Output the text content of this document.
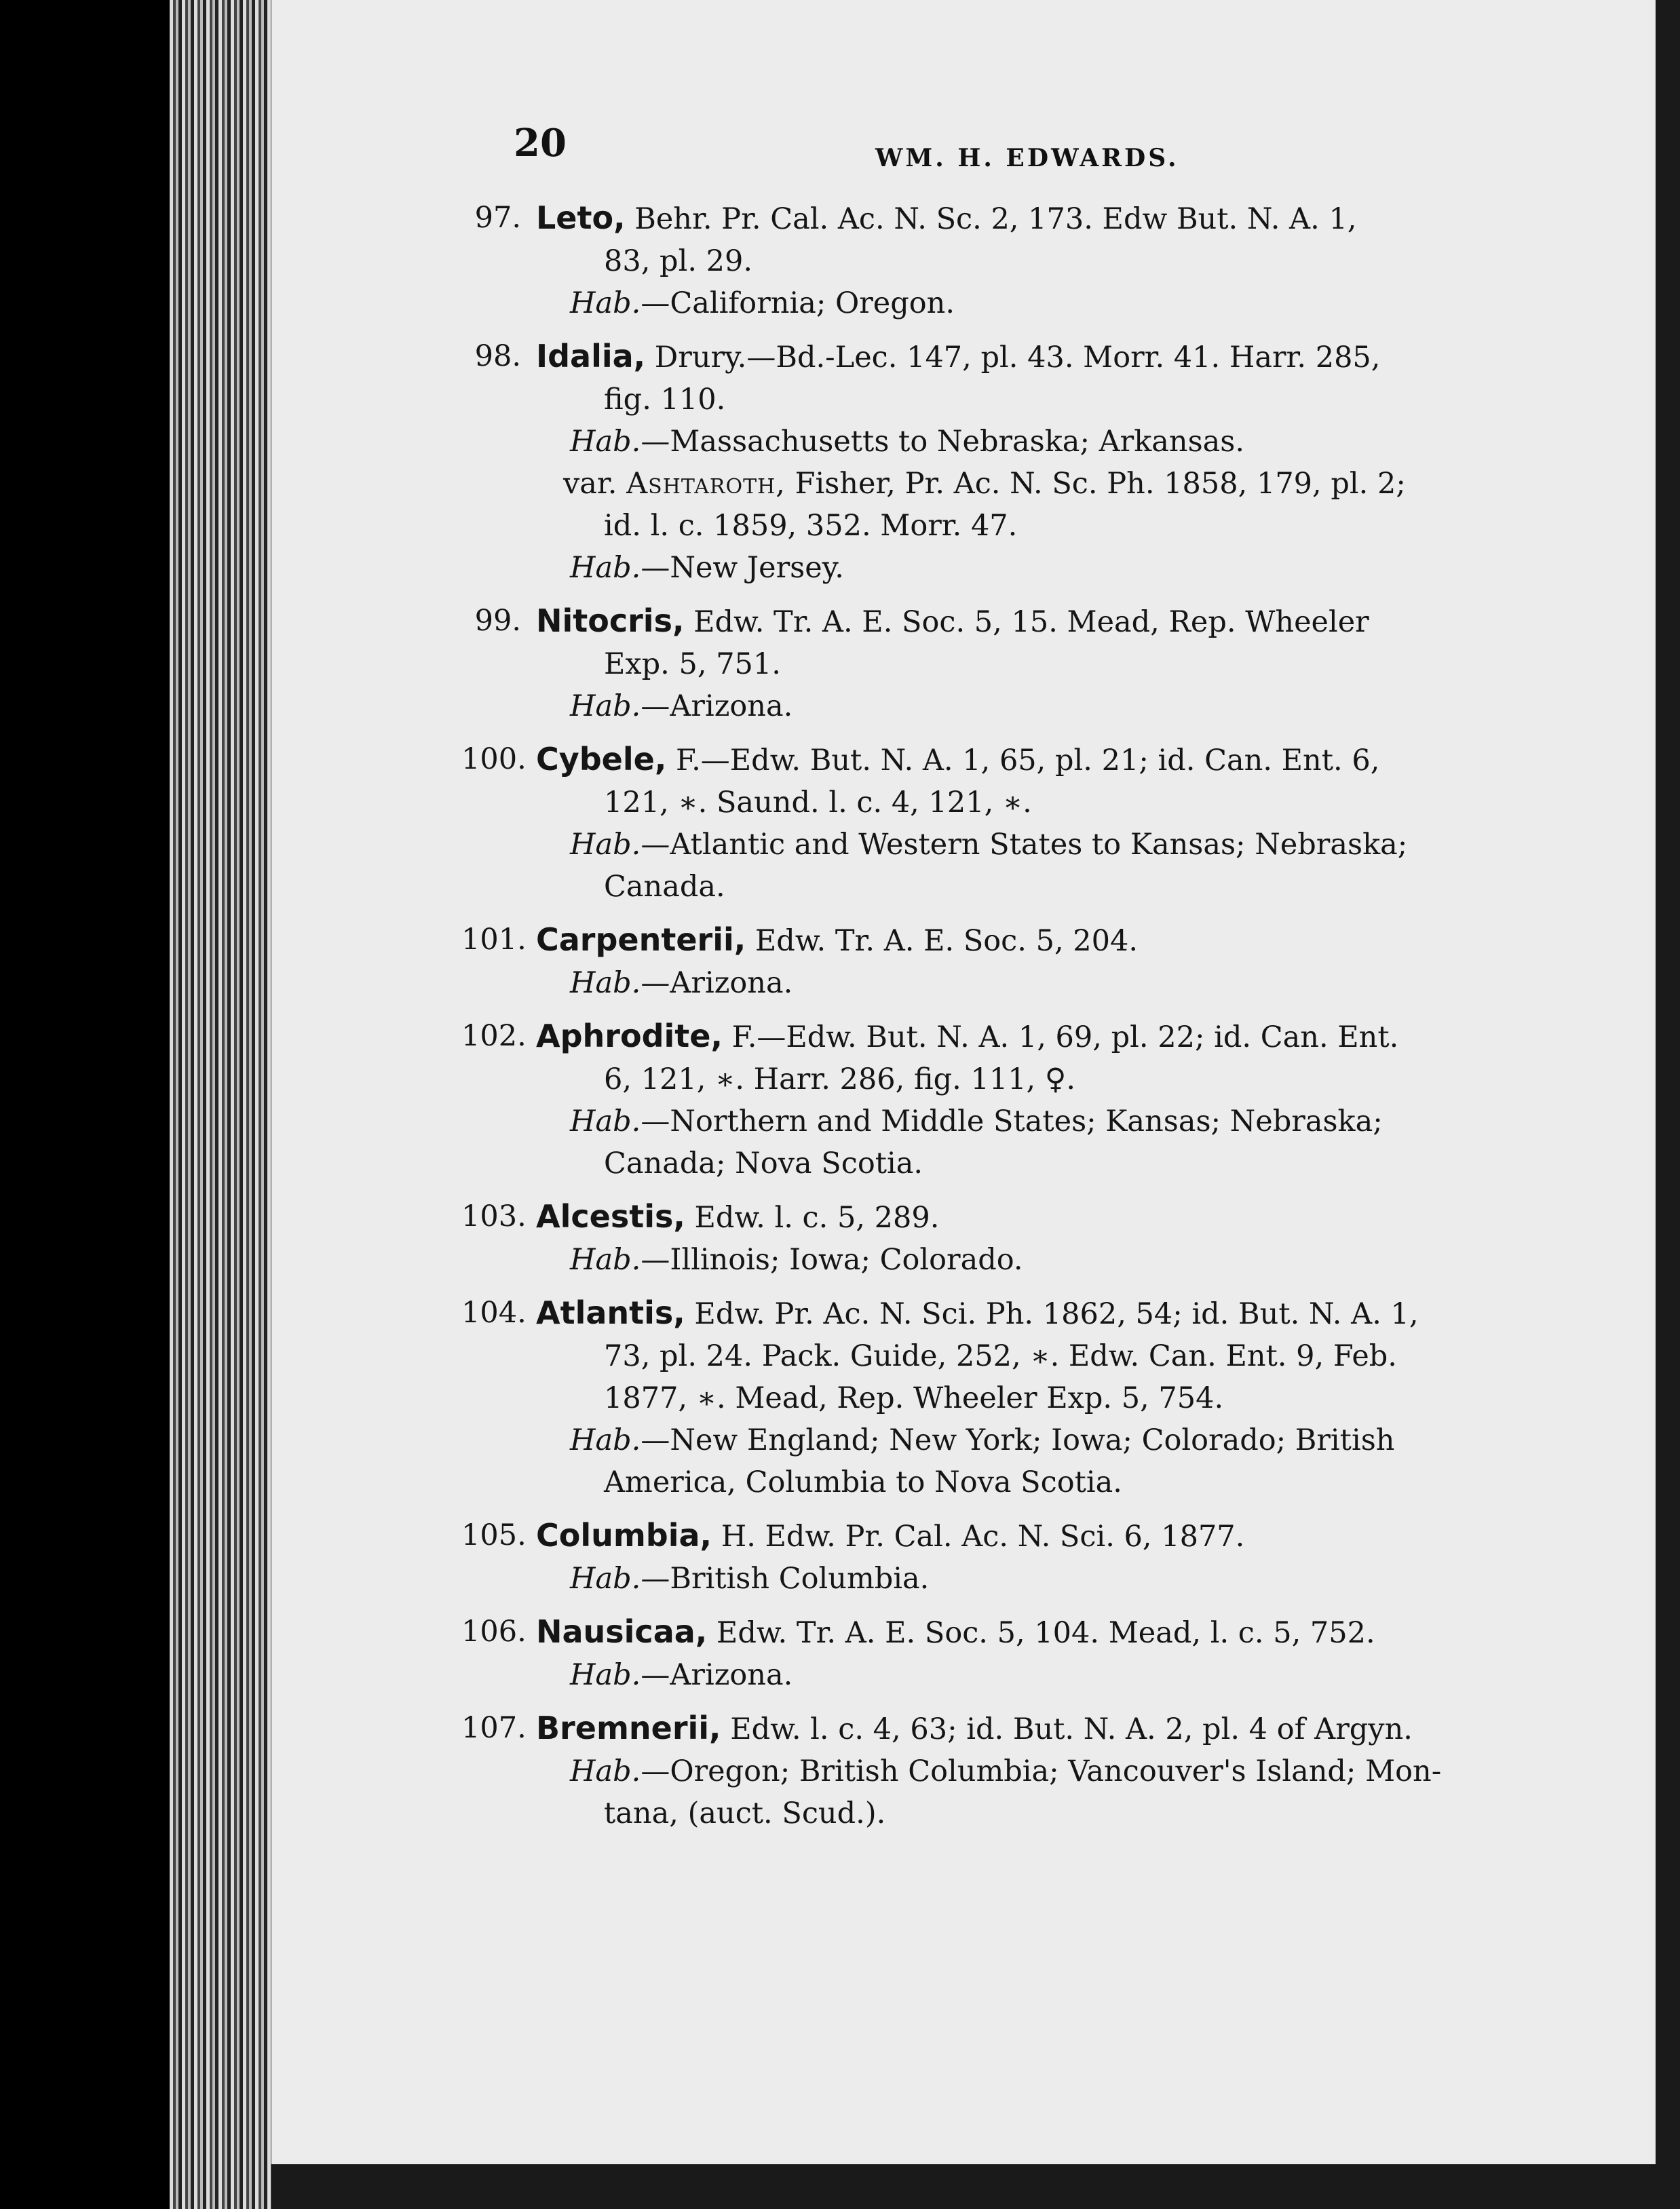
20	WM. H. EDWARDS.
97. Leto, Behr. Pr. Cal. Ac. N. Sc. 2, 173. Edw But. N. A. 1,
83, pl. 29.
Hab.—California; Oregon.
98. Idalia, Drury.—Bd.-Lec. 147, pl. 43. Morr. 41. Harr. 285,
fig. 110.
Hab.—Massachusetts to Nebraska; Arkansas.
var. Ashtaroth, Fisher, Pr. Ac. N. Sc. Ph. 1858, 179, pl. 2;
id. l. c. 1859, 352. Morr. 47.
Hab.—New Jersey.
99. Nitocris, Edw. Tr. A. E. Soc. 5, 15. Mead, Rep. Wheeler
Exp. 5, 751.
Hab.—Arizona.
100. Cybele, F.—Edw. But. N. A. 1, 65, pl. 21; id. Can. Ent. 6,
121, ∗. Saund. l. c. 4, 121, ∗.
Hab.—Atlantic and Western States to Kansas; Nebraska;
Canada.
101. Carpenterii, Edw. Tr. A. E. Soc. 5, 204.
Hab.—Arizona.
102. Aphrodite, F.—Edw. But. N. A. 1, 69, pl. 22; id. Can. Ent.
6, 121, ∗. Harr. 286, fig. 111, ♀.
Hab.—Northern and Middle States; Kansas; Nebraska;
Canada; Nova Scotia.
103. Alcestis, Edw. l. c. 5, 289.
Hab.—Illinois; Iowa; Colorado.
104. Atlantis, Edw. Pr. Ac. N. Sci. Ph. 1862, 54; id. But. N. A. 1,
73, pl. 24. Pack. Guide, 252, ∗. Edw. Can. Ent. 9, Feb.
1877, ∗. Mead, Rep. Wheeler Exp. 5, 754.
Hab.—New England; New York; Iowa; Colorado; British
America, Columbia to Nova Scotia.
105. Columbia, H. Edw. Pr. Cal. Ac. N. Sci. 6, 1877.
Hab.—British Columbia.
106. Nausicaa, Edw. Tr. A. E. Soc. 5, 104. Mead, l. c. 5, 752.
Hab.—Arizona.
107. Bremnerii, Edw. l. c. 4, 63; id. But. N. A. 2, pl. 4 of Argyn.
Hab.—Oregon; British Columbia; Vancouver's Island; Mon-
tana, (auct. Scud.).
